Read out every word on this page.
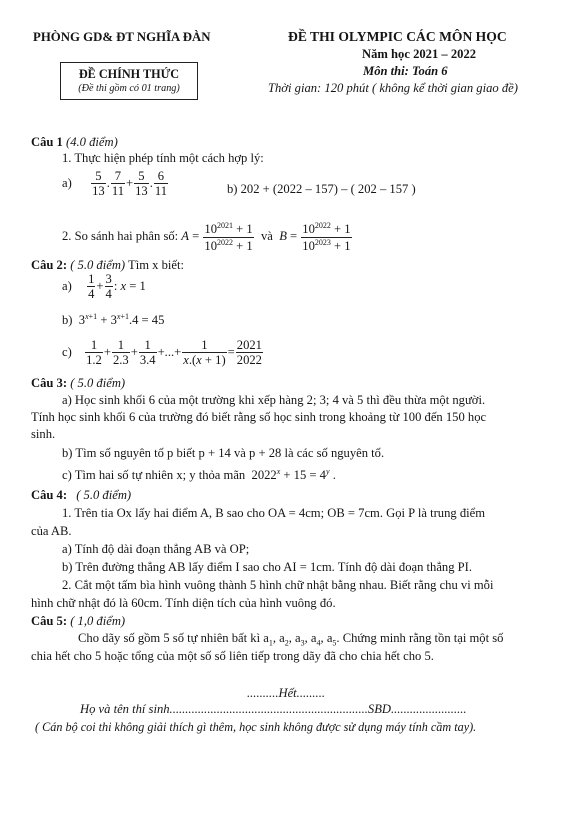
PHÒNG GD& ĐT NGHĨA ĐÀN	ĐỀ THI OLYMPIC CÁC MÔN HỌC
Năm học 2021 – 2022
Môn thi: Toán 6
Thời gian: 120 phút ( không kể thời gian giao đề)
ĐỀ CHÍNH THỨC
(Đề thi gồm có 01 trang)
Câu 1 (4.0 điểm)
1. Thực hiện phép tính một cách hợp lý:
$a) \frac{5}{13}$ . $\frac{7}{11} + \frac{5}{13}$ . $\frac{6}{11}$	b) 202 + (2022 – 157) – ( 202 – 157 )
2. So sánh hai phân số: $A = \frac{10^{2021} + 1}{10^{2022} + 1}$ và $B = \frac{10^{2022} + 1}{10^{2023} + 1}$
Câu 2: ( 5.0 điểm) Tìm x biết:
$a) \frac{1}{4} + \frac{3}{4}$ : x = 1
b)  $3^{x+1} + 3^{x+1}.4 = 45$
$c) \frac{1}{1.2} + \frac{1}{2.3} + \frac{1}{3.4}$ +...+ $\frac{1}{x.(x + 1)} = \frac{2021}{2022}$
Câu 3: ( 5.0 điểm)
a) Học sinh khối 6 của một trường khi xếp hàng 2; 3; 4 và 5 thì đều thừa một người.
Tính học sinh khối 6 của trường đó biết rằng số học sinh trong khoảng từ 100 đến 150 học
sinh.
b) Tìm số nguyên tố p biết p + 14 và p + 28 là các số nguyên tố.
c) Tìm hai số tự nhiên x; y thỏa mãn  $2022^x + 15 = 4^y$ .
Câu 4: ( 5.0 điểm)
1. Trên tia Ox lấy hai điểm A, B sao cho OA = 4cm; OB = 7cm. Gọi P là trung điểm
của AB.
a) Tính độ dài đoạn thẳng AB và OP;
b) Trên đường thẳng AB lấy điểm I sao cho AI = 1cm. Tính độ dài đoạn thẳng PI.
2. Cắt một tấm bìa hình vuông thành 5 hình chữ nhật bằng nhau. Biết rằng chu vi mỗi
hình chữ nhật đó là 60cm. Tính diện tích của hình vuông đó.
Câu 5: ( 1,0 điểm)
Cho dãy số gồm 5 số tự nhiên bất kì $a_1$, $a_2$, $a_3$, $a_4$, $a_5$. Chứng minh rằng tồn tại một số
chia hết cho 5 hoặc tổng của một số số liên tiếp trong dãy đã cho chia hết cho 5.
..........Hết.........
Họ và tên thí sinh...............................................................SBD........................
( Cán bộ coi thi không giải thích gì thêm, học sinh không được sử dụng máy tính cầm tay).
